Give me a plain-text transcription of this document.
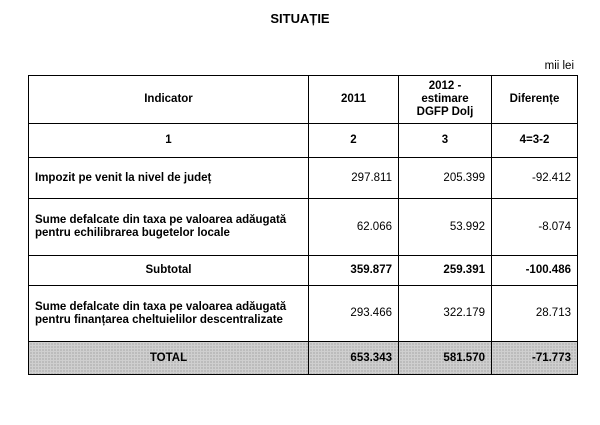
SITUAȚIE
mii lei
Indicator	2011	2012 - estimare DGFP Dolj	Diferențe
1	2	3	4=3-2
Impozit pe venit la nivel de județ	297.811	205.399	-92.412
Sume defalcate din taxa pe valoarea adăugată pentru echilibrarea bugetelor locale	62.066	53.992	-8.074
Subtotal	359.877	259.391	-100.486
Sume defalcate din taxa pe valoarea adăugată pentru finanțarea cheltuielilor descentralizate	293.466	322.179	28.713
TOTAL	653.343	581.570	-71.773
